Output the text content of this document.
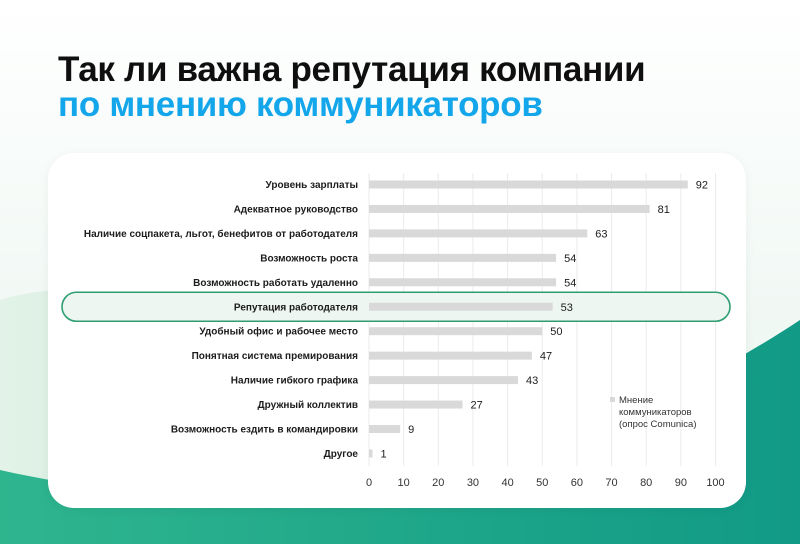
Так ли важна репутация компании
по мнению коммуникаторов
Уровень зарплаты
Адекватное руководство
Наличие соцпакета, льгот, бенефитов от работодателя
Возможность роста
Возможность работать удаленно
Репутация работодателя
Удобный офис и рабочее место
Понятная система премирования
Наличие гибкого графика
Дружный коллектив
Возможность ездить в командировки
Другое
92
81
63
54
54
53
50
47
43
27
9
1
0 10 20 30 40 50 60 70 80 90 100
Мнение
коммуникаторов
(опрос Comunica)
